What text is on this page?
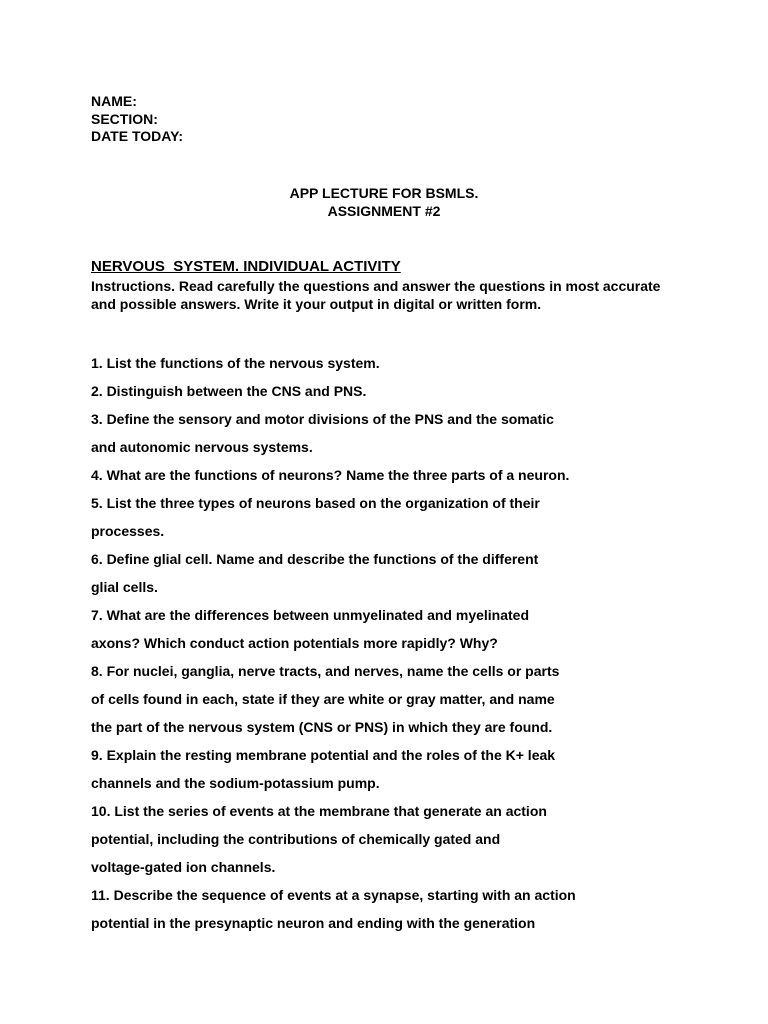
NAME:
SECTION:
DATE TODAY:
APP LECTURE FOR BSMLS.
ASSIGNMENT #2
NERVOUS  SYSTEM. INDIVIDUAL ACTIVITY
Instructions. Read carefully the questions and answer the questions in most accurate
and possible answers. Write it your output in digital or written form.
1. List the functions of the nervous system.
2. Distinguish between the CNS and PNS.
3. Define the sensory and motor divisions of the PNS and the somatic
and autonomic nervous systems.
4. What are the functions of neurons? Name the three parts of a neuron.
5. List the three types of neurons based on the organization of their
processes.
6. Define glial cell. Name and describe the functions of the different
glial cells.
7. What are the differences between unmyelinated and myelinated
axons? Which conduct action potentials more rapidly? Why?
8. For nuclei, ganglia, nerve tracts, and nerves, name the cells or parts
of cells found in each, state if they are white or gray matter, and name
the part of the nervous system (CNS or PNS) in which they are found.
9. Explain the resting membrane potential and the roles of the K+ leak
channels and the sodium-potassium pump.
10. List the series of events at the membrane that generate an action
potential, including the contributions of chemically gated and
voltage-gated ion channels.
11. Describe the sequence of events at a synapse, starting with an action
potential in the presynaptic neuron and ending with the generation
